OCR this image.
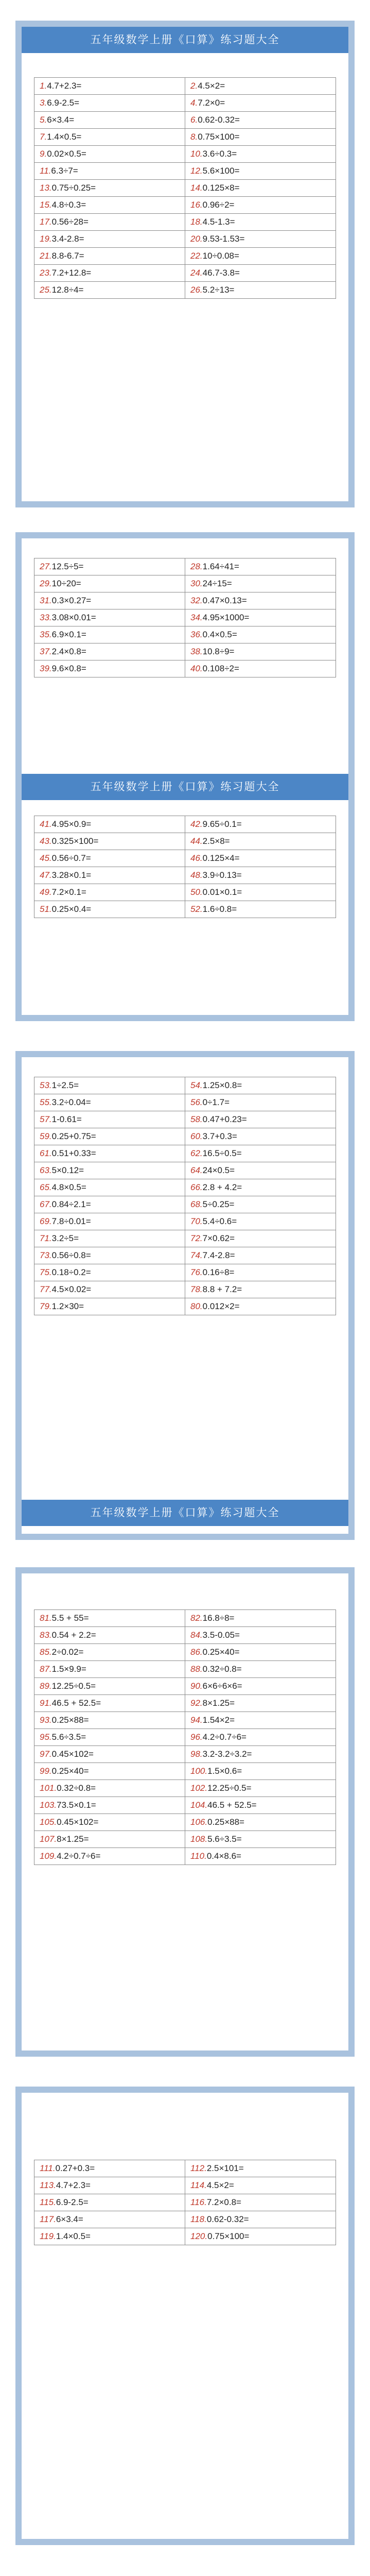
五年级数学上册《口算》练习题大全
1.4.7+2.3=	2.4.5×2=
3.6.9-2.5=	4.7.2×0=
5.6×3.4=	6.0.62-0.32=
7.1.4×0.5=	8.0.75×100=
9.0.02×0.5=	10.3.6÷0.3=
11.6.3÷7=	12.5.6×100=
13.0.75÷0.25=	14.0.125×8=
15.4.8÷0.3=	16.0.96÷2=
17.0.56÷28=	18.4.5-1.3=
19.3.4-2.8=	20.9.53-1.53=
21.8.8-6.7=	22.10÷0.08=
23.7.2+12.8=	24.46.7-3.8=
25.12.8÷4=	26.5.2÷13=
27.12.5÷5=	28.1.64÷41=
29.10÷20=	30.24÷15=
31.0.3×0.27=	32.0.47×0.13=
33.3.08×0.01=	34.4.95×1000=
35.6.9×0.1=	36.0.4×0.5=
37.2.4×0.8=	38.10.8÷9=
39.9.6×0.8=	40.0.108÷2=
五年级数学上册《口算》练习题大全
41.4.95×0.9=	42.9.65÷0.1=
43.0.325×100=	44.2.5×8=
45.0.56÷0.7=	46.0.125×4=
47.3.28×0.1=	48.3.9÷0.13=
49.7.2×0.1=	50.0.01×0.1=
51.0.25×0.4=	52.1.6÷0.8=
53.1÷2.5=	54.1.25×0.8=
55.3.2÷0.04=	56.0÷1.7=
57.1-0.61=	58.0.47+0.23=
59.0.25+0.75=	60.3.7+0.3=
61.0.51+0.33=	62.16.5÷0.5=
63.5×0.12=	64.24×0.5=
65.4.8×0.5=	66.2.8 + 4.2=
67.0.84÷2.1=	68.5÷0.25=
69.7.8÷0.01=	70.5.4÷0.6=
71.3.2÷5=	72.7×0.62=
73.0.56÷0.8=	74.7.4-2.8=
75.0.18÷0.2=	76.0.16÷8=
77.4.5×0.02=	78.8.8 + 7.2=
79.1.2×30=	80.0.012×2=
五年级数学上册《口算》练习题大全
81.5.5 + 55=	82.16.8÷8=
83.0.54 + 2.2=	84.3.5-0.05=
85.2÷0.02=	86.0.25×40=
87.1.5×9.9=	88.0.32÷0.8=
89.12.25÷0.5=	90.6×6÷6×6=
91.46.5 + 52.5=	92.8×1.25=
93.0.25×88=	94.1.54×2=
95.5.6÷3.5=	96.4.2÷0.7÷6=
97.0.45×102=	98.3.2-3.2÷3.2=
99.0.25×40=	100.1.5×0.6=
101.0.32÷0.8=	102.12.25÷0.5=
103.73.5×0.1=	104.46.5 + 52.5=
105.0.45×102=	106.0.25×88=
107.8×1.25=	108.5.6÷3.5=
109.4.2÷0.7÷6=	110.0.4×8.6=
111.0.27+0.3=	112.2.5×101=
113.4.7+2.3=	114.4.5×2=
115.6.9-2.5=	116.7.2×0.8=
117.6×3.4=	118.0.62-0.32=
119.1.4×0.5=	120.0.75×100=
